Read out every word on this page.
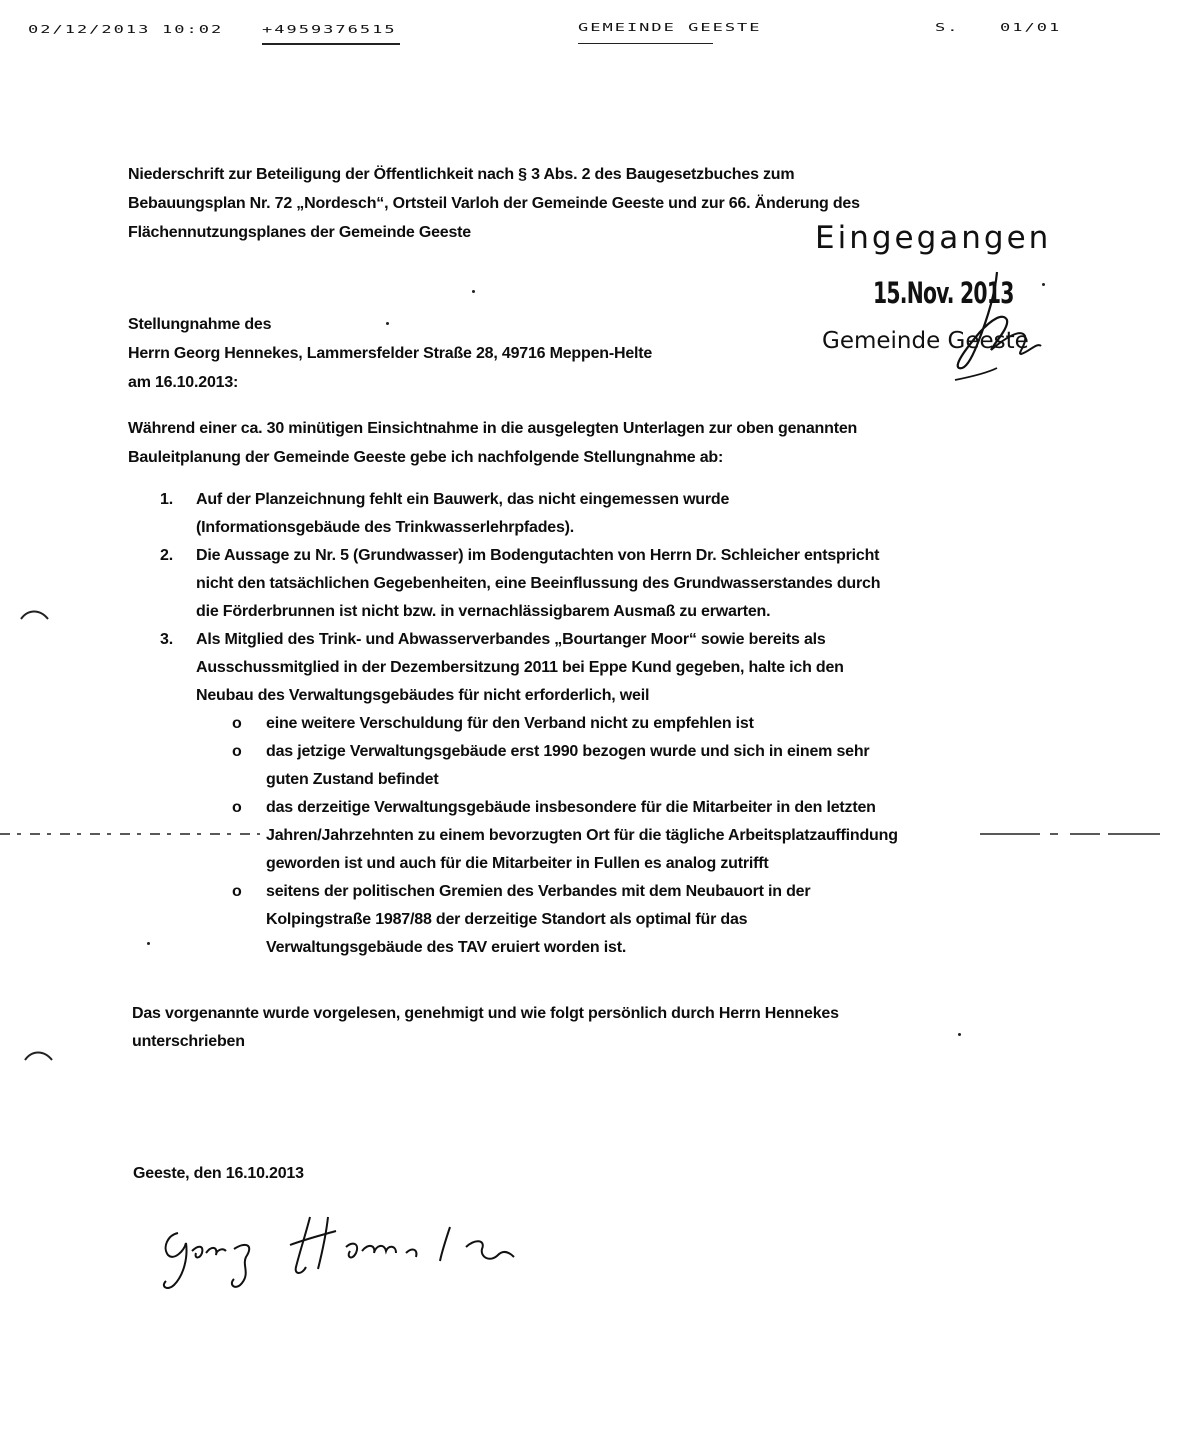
02/12/2013 10:02 +4959376515	GEMEINDE GEESTE	S. 01/01
Niederschrift zur Beteiligung der Öffentlichkeit nach § 3 Abs. 2 des Baugesetzbuches zum
Bebauungsplan Nr. 72 „Nordesch“, Ortsteil Varloh der Gemeinde Geeste und zur 66. Änderung des
Flächennutzungsplanes der Gemeinde Geeste	Eingegangen
15.Nov. 2013
Gemeinde Geeste
Stellungnahme des
Herrn Georg Hennekes, Lammersfelder Straße 28, 49716 Meppen-Helte
am 16.10.2013:
Während einer ca. 30 minütigen Einsichtnahme in die ausgelegten Unterlagen zur oben genannten
Bauleitplanung der Gemeinde Geeste gebe ich nachfolgende Stellungnahme ab:
1. Auf der Planzeichnung fehlt ein Bauwerk, das nicht eingemessen wurde
(Informationsgebäude des Trinkwasserlehrpfades).
2. Die Aussage zu Nr. 5 (Grundwasser) im Bodengutachten von Herrn Dr. Schleicher entspricht
nicht den tatsächlichen Gegebenheiten, eine Beeinflussung des Grundwasserstandes durch
die Förderbrunnen ist nicht bzw. in vernachlässigbarem Ausmaß zu erwarten.
3. Als Mitglied des Trink- und Abwasserverbandes „Bourtanger Moor“ sowie bereits als
Ausschussmitglied in der Dezembersitzung 2011 bei Eppe Kund gegeben, halte ich den
Neubau des Verwaltungsgebäudes für nicht erforderlich, weil
o eine weitere Verschuldung für den Verband nicht zu empfehlen ist
o das jetzige Verwaltungsgebäude erst 1990 bezogen wurde und sich in einem sehr
guten Zustand befindet
o das derzeitige Verwaltungsgebäude insbesondere für die Mitarbeiter in den letzten
Jahren/Jahrzehnten zu einem bevorzugten Ort für die tägliche Arbeitsplatzauffindung
geworden ist und auch für die Mitarbeiter in Fullen es analog zutrifft
o seitens der politischen Gremien des Verbandes mit dem Neubauort in der
Kolpingstraße 1987/88 der derzeitige Standort als optimal für das
Verwaltungsgebäude des TAV eruiert worden ist.
Das vorgenannte wurde vorgelesen, genehmigt und wie folgt persönlich durch Herrn Hennekes
unterschrieben
Geeste, den 16.10.2013
